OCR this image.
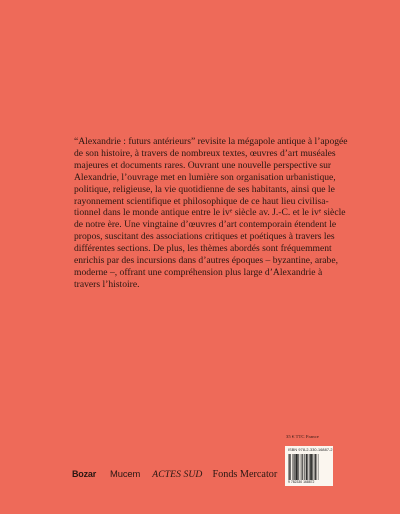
“Alexandrie : futurs antérieurs” revisite la mégapole antique à l’apogée
de son histoire, à travers de nombreux textes, œuvres d’art muséales
majeures et documents rares. Ouvrant une nouvelle perspective sur
Alexandrie, l’ouvrage met en lumière son organisation urbanistique,
politique, religieuse, la vie quotidienne de ses habitants, ainsi que le
rayonnement scientifique et philosophique de ce haut lieu civilisa-
tionnel dans le monde antique entre le ivᵉ siècle av. J.-C. et le ivᵉ siècle
de notre ère. Une vingtaine d’œuvres d’art contemporain étendent le
propos, suscitant des associations critiques et poétiques à travers les
différentes sections. De plus, les thèmes abordés sont fréquemment
enrichis par des incursions dans d’autres époques – byzantine, arabe,
moderne –, offrant une compréhension plus large d’Alexandrie à
travers l’histoire.
35 € TTC France
ISBN 978-2-330-16887-2
9 782330 168872
Bozar Mucem ACTES SUD Fonds Mercator
